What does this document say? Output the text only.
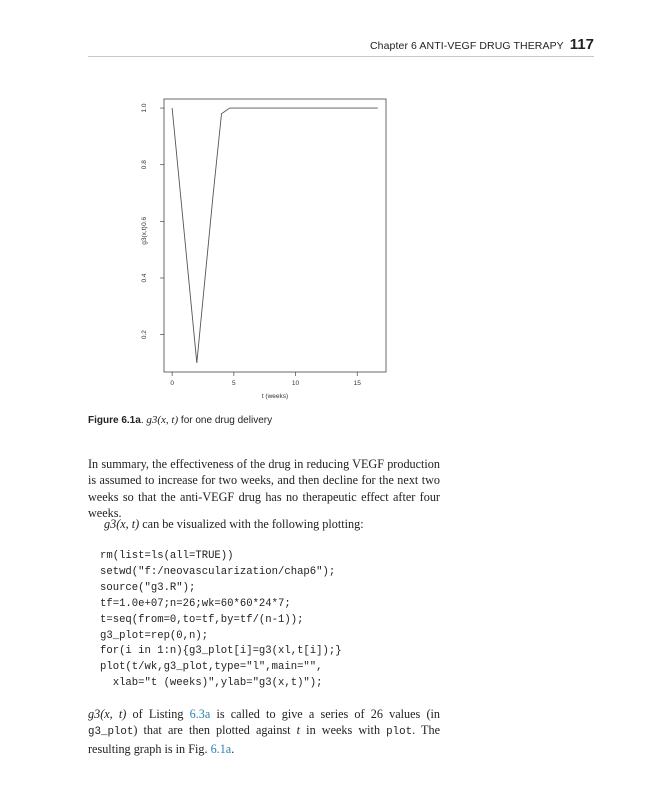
Chapter 6 ANTI-VEGF DRUG THERAPY 117
0	5	10	15
0.2
0.4
0.6
0.8
1.0
t (weeks)
g3(x,t)
Figure 6.1a. g3(x, t) for one drug delivery

In summary, the effectiveness of the drug in reducing VEGF production is assumed to increase for two weeks, and then decline for the next two weeks so that the anti-VEGF drug has no therapeutic effect after four weeks.

g3(x, t) can be visualized with the following plotting:

rm(list=ls(all=TRUE))
setwd("f:/neovascularization/chap6");
source("g3.R");
tf=1.0e+07;n=26;wk=60*60*24*7;
t=seq(from=0,to=tf,by=tf/(n-1));
g3_plot=rep(0,n);
for(i in 1:n){g3_plot[i]=g3(xl,t[i]);}
plot(t/wk,g3_plot,type="l",main="",
xlab="t (weeks)",ylab="g3(x,t)");

g3(x, t) of Listing 6.3a is called to give a series of 26 values (in g3_plot) that are then plotted against t in weeks with plot. The resulting graph is in Fig. 6.1a.
